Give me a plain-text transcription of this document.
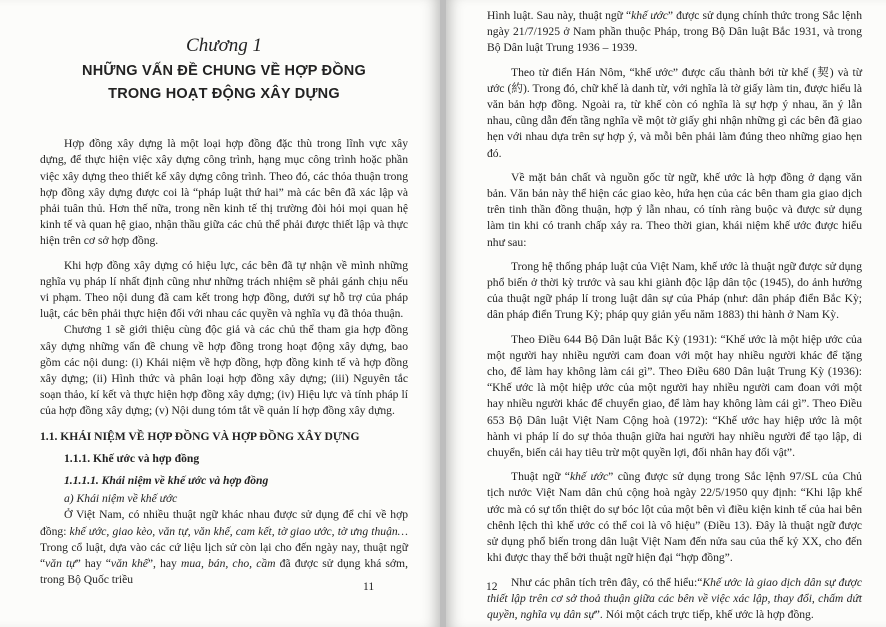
Chương 1
NHỮNG VẤN ĐỀ CHUNG VỀ HỢP ĐỒNG
TRONG HOẠT ĐỘNG XÂY DỰNG

Hợp đồng xây dựng là một loại hợp đồng đặc thù trong lĩnh vực xây dựng, để thực hiện việc xây dựng công trình, hạng mục công trình hoặc phần việc xây dựng theo thiết kế xây dựng công trình. Theo đó, các thỏa thuận trong hợp đồng xây dựng được coi là “pháp luật thứ hai” mà các bên đã xác lập và phải tuân thủ. Hơn thế nữa, trong nền kinh tế thị trường đòi hỏi mọi quan hệ kinh tế và quan hệ giao, nhận thầu giữa các chủ thể phải được thiết lập và thực hiện trên cơ sở hợp đồng.

Khi hợp đồng xây dựng có hiệu lực, các bên đã tự nhận về mình những nghĩa vụ pháp lí nhất định cũng như những trách nhiệm sẽ phải gánh chịu nếu vi phạm. Theo nội dung đã cam kết trong hợp đồng, dưới sự hỗ trợ của pháp luật, các bên phải thực hiện đối với nhau các quyền và nghĩa vụ đã thỏa thuận.

Chương 1 sẽ giới thiệu cùng độc giả và các chủ thể tham gia hợp đồng xây dựng những vấn đề chung về hợp đồng trong hoạt động xây dựng, bao gồm các nội dung: (i) Khái niệm về hợp đồng, hợp đồng kinh tế và hợp đồng xây dựng; (ii) Hình thức và phân loại hợp đồng xây dựng; (iii) Nguyên tắc soạn thảo, kí kết và thực hiện hợp đồng xây dựng; (iv) Hiệu lực và tính pháp lí của hợp đồng xây dựng; (v) Nội dung tóm tắt về quản lí hợp đồng xây dựng.

1.1. KHÁI NIỆM VỀ HỢP ĐỒNG VÀ HỢP ĐỒNG XÂY DỰNG

1.1.1. Khế ước và hợp đồng

1.1.1.1. Khái niệm về khế ước và hợp đồng

a) Khái niệm về khế ước

Ở Việt Nam, có nhiều thuật ngữ khác nhau được sử dụng để chỉ về hợp đồng: khế ước, giao kèo, văn tự, văn khế, cam kết, tờ giao ước, tờ ưng thuận… Trong cổ luật, dựa vào các cứ liệu lịch sử còn lại cho đến ngày nay, thuật ngữ “văn tự” hay “văn khế”, hay mua, bán, cho, cầm đã được sử dụng khá sớm, trong Bộ Quốc triều

11

Hình luật. Sau này, thuật ngữ “khế ước” được sử dụng chính thức trong Sắc lệnh ngày 21/7/1925 ở Nam phần thuộc Pháp, trong Bộ Dân luật Bắc 1931, và trong Bộ Dân luật Trung 1936 – 1939.

Theo từ điển Hán Nôm, “khế ước” được cấu thành bởi từ khế (契) và từ ước (約). Trong đó, chữ khế là danh từ, với nghĩa là tờ giấy làm tin, được hiểu là văn bản hợp đồng. Ngoài ra, từ khế còn có nghĩa là sự hợp ý nhau, ăn ý lẫn nhau, cũng dẫn đến tầng nghĩa về một tờ giấy ghi nhận những gì các bên đã giao hẹn với nhau dựa trên sự hợp ý, và mỗi bên phải làm đúng theo những giao hẹn đó.

Về mặt bản chất và nguồn gốc từ ngữ, khế ước là hợp đồng ở dạng văn bản. Văn bản này thể hiện các giao kèo, hứa hẹn của các bên tham gia giao dịch trên tinh thần đồng thuận, hợp ý lẫn nhau, có tính ràng buộc và được sử dụng làm tin khi có tranh chấp xảy ra. Theo thời gian, khái niệm khế ước được hiểu như sau:

Trong hệ thống pháp luật của Việt Nam, khế ước là thuật ngữ được sử dụng phổ biến ở thời kỳ trước và sau khi giành độc lập dân tộc (1945), do ảnh hưởng của thuật ngữ pháp lí trong luật dân sự của Pháp (như: dân pháp điển Bắc Kỳ; dân pháp điển Trung Kỳ; pháp quy giản yếu năm 1883) thi hành ở Nam Kỳ.

Theo Điều 644 Bộ Dân luật Bắc Kỳ (1931): “Khế ước là một hiệp ước của một người hay nhiều người cam đoan với một hay nhiều người khác để tặng cho, để làm hay không làm cái gì”. Theo Điều 680 Dân luật Trung Kỳ (1936): “Khế ước là một hiệp ước của một người hay nhiều người cam đoan với một hay nhiều người khác để chuyển giao, để làm hay không làm cái gì”. Theo Điều 653 Bộ Dân luật Việt Nam Cộng hoà (1972): “Khế ước hay hiệp ước là một hành vi pháp lí do sự thỏa thuận giữa hai người hay nhiều người để tạo lập, di chuyển, biến cải hay tiêu trừ một quyền lợi, đối nhân hay đối vật”.

Thuật ngữ “khế ước” cũng được sử dụng trong Sắc lệnh 97/SL của Chủ tịch nước Việt Nam dân chủ cộng hoà ngày 22/5/1950 quy định: “Khi lập khế ước mà có sự tổn thiệt do sự bóc lột của một bên vì điều kiện kinh tế của hai bên chênh lệch thì khế ước có thể coi là vô hiệu” (Điều 13). Đây là thuật ngữ được sử dụng phổ biến trong dân luật Việt Nam đến nửa sau của thế kỷ XX, cho đến khi được thay thế bởi thuật ngữ hiện đại “hợp đồng”.

Như các phân tích trên đây, có thể hiểu:“Khế ước là giao dịch dân sự được thiết lập trên cơ sở thoả thuận giữa các bên về việc xác lập, thay đổi, chấm dứt quyền, nghĩa vụ dân sự”. Nói một cách trực tiếp, khế ước là hợp đồng.

12
